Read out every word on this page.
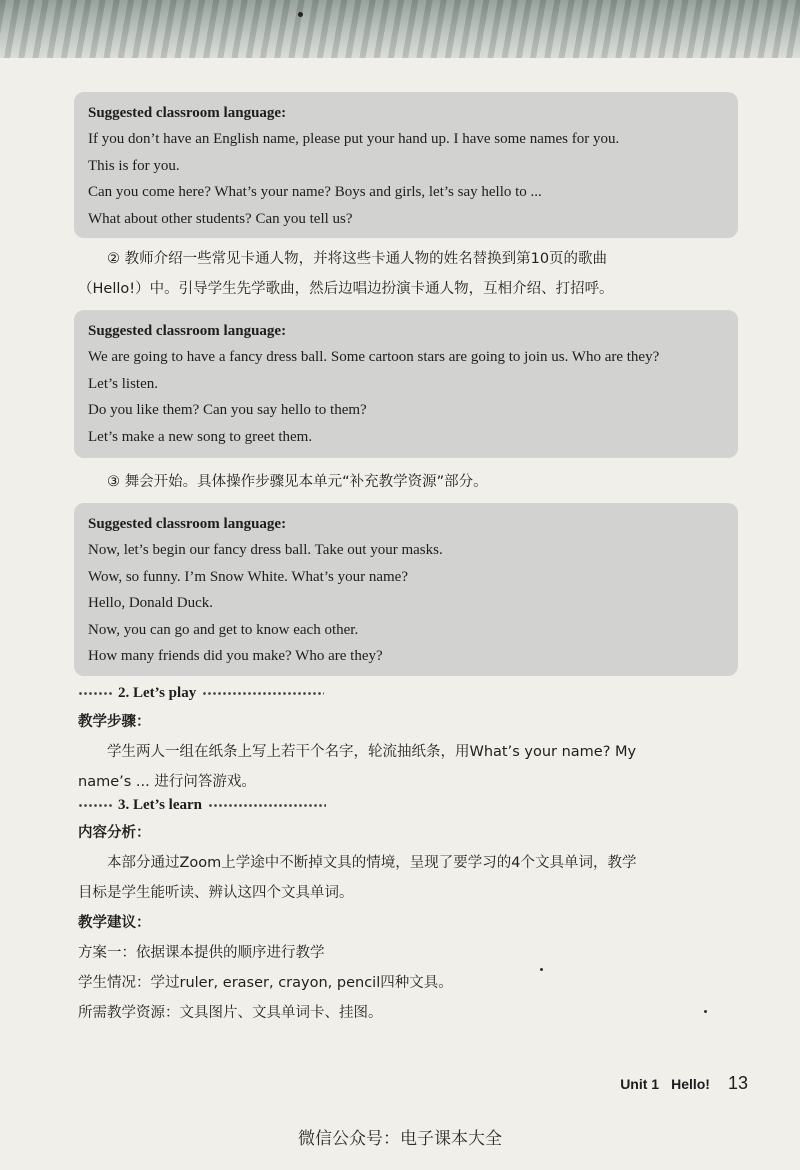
Suggested classroom language:
If you don’t have an English name, please put your hand up. I have some names for you.
This is for you.
Can you come here? What’s your name? Boys and girls, let’s say hello to ...
What about other students? Can you tell us?
② 教师介绍一些常见卡通人物，并将这些卡通人物的姓名替换到第10页的歌曲
（Hello!）中。引导学生先学歌曲，然后边唱边扮演卡通人物，互相介绍、打招呼。
Suggested classroom language:
We are going to have a fancy dress ball. Some cartoon stars are going to join us. Who are they?
Let’s listen.
Do you like them? Can you say hello to them?
Let’s make a new song to greet them.
③ 舞会开始。具体操作步骤见本单元“补充教学资源”部分。
Suggested classroom language:
Now, let’s begin our fancy dress ball. Take out your masks.
Wow, so funny. I’m Snow White. What’s your name?
Hello, Donald Duck.
Now, you can go and get to know each other.
How many friends did you make? Who are they?
2. Let’s play
教学步骤：
学生两人一组在纸条上写上若干个名字，轮流抽纸条，用What’s your name? My
name’s ... 进行问答游戏。
3. Let’s learn
内容分析：
本部分通过Zoom上学途中不断掉文具的情境，呈现了要学习的4个文具单词，教学
目标是学生能听读、辨认这四个文具单词。
教学建议：
方案一：依据课本提供的顺序进行教学
学生情况：学过ruler, eraser, crayon, pencil四种文具。
所需教学资源：文具图片、文具单词卡、挂图。
Unit 1 Hello! 13
微信公众号：电子课本大全
